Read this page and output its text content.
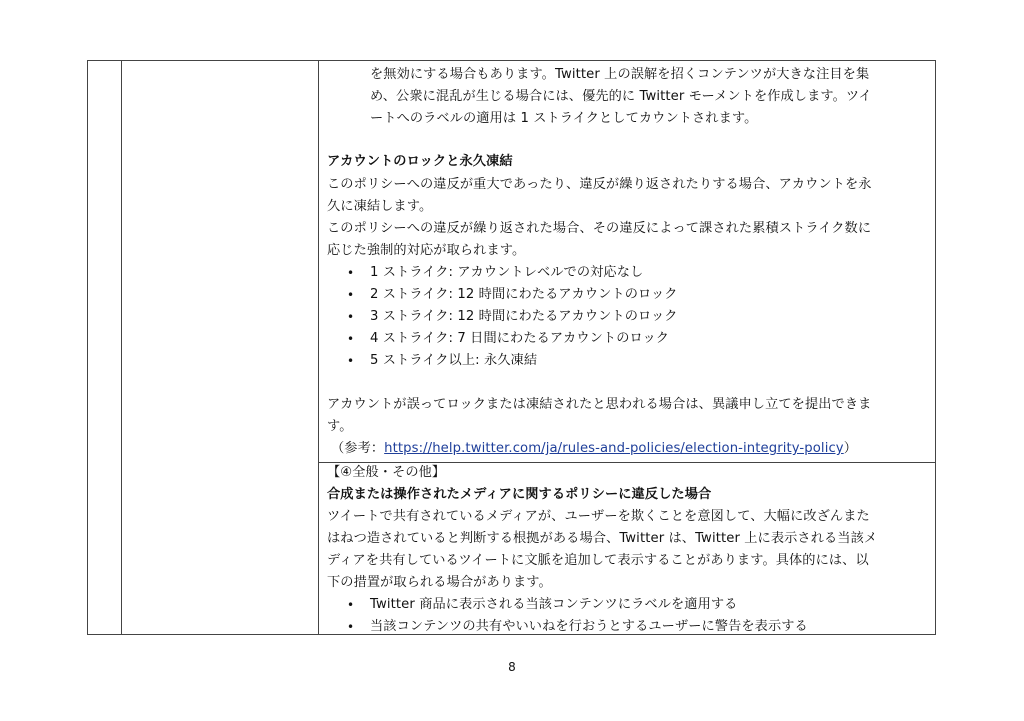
を無効にする場合もあります。Twitter 上の誤解を招くコンテンツが大きな注目を集
め、公衆に混乱が生じる場合には、優先的に Twitter モーメントを作成します。ツイ
ートへのラベルの適用は 1 ストライクとしてカウントされます。
アカウントのロックと永久凍結
このポリシーへの違反が重大であったり、違反が繰り返されたりする場合、アカウントを永
久に凍結します。
このポリシーへの違反が繰り返された場合、その違反によって課された累積ストライク数に
応じた強制的対応が取られます。
• 1 ストライク: アカウントレベルでの対応なし
• 2 ストライク: 12 時間にわたるアカウントのロック
• 3 ストライク: 12 時間にわたるアカウントのロック
• 4 ストライク: 7 日間にわたるアカウントのロック
• 5 ストライク以上: 永久凍結
アカウントが誤ってロックまたは凍結されたと思われる場合は、異議申し立てを提出できま
す。
（参考：https://help.twitter.com/ja/rules-and-policies/election-integrity-policy）
【④全般・その他】
合成または操作されたメディアに関するポリシーに違反した場合
ツイートで共有されているメディアが、ユーザーを欺くことを意図して、大幅に改ざんまた
はねつ造されていると判断する根拠がある場合、Twitter は、Twitter 上に表示される当該メ
ディアを共有しているツイートに文脈を追加して表示することがあります。具体的には、以
下の措置が取られる場合があります。
• Twitter 商品に表示される当該コンテンツにラベルを適用する
• 当該コンテンツの共有やいいねを行おうとするユーザーに警告を表示する
8
